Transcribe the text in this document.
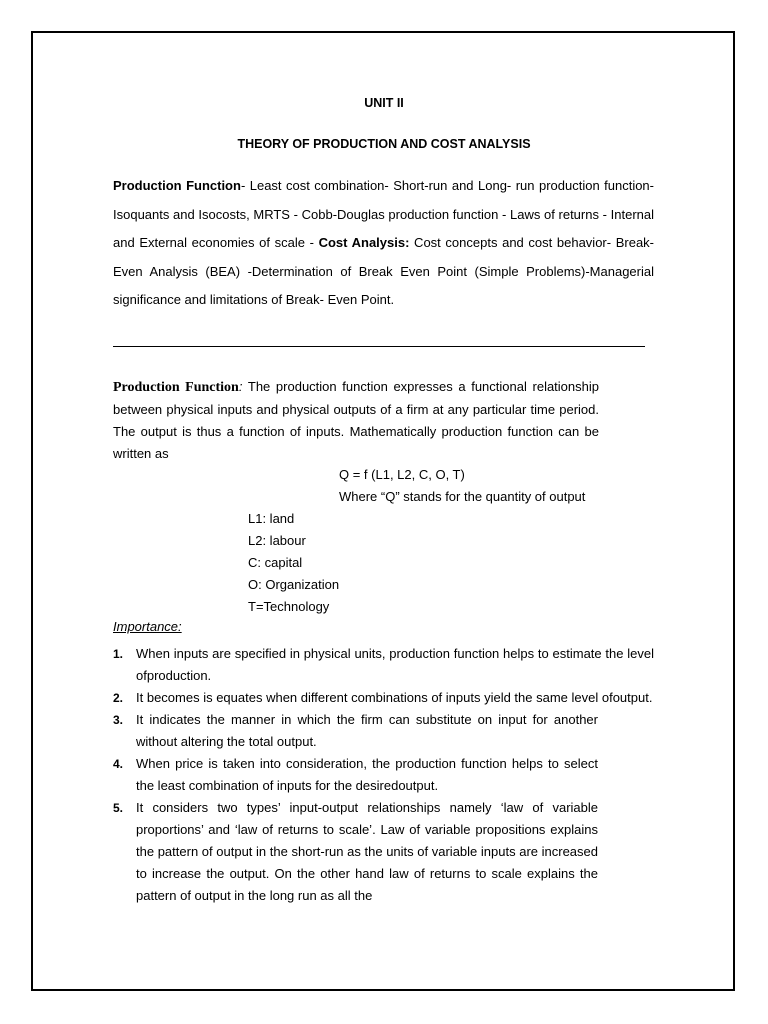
UNIT II
THEORY OF PRODUCTION AND COST ANALYSIS
Production Function- Least cost combination- Short-run and Long- run production function- Isoquants and Isocosts, MRTS - Cobb-Douglas production function - Laws of returns - Internal and External economies of scale - Cost Analysis: Cost concepts and cost behavior- Break-Even Analysis (BEA) -Determination of Break Even Point (Simple Problems)-Managerial significance and limitations of Break- Even Point.
Production Function: The production function expresses a functional relationship between physical inputs and physical outputs of a firm at any particular time period. The output is thus a function of inputs. Mathematically production function can be written as
Q = f (L1, L2, C, O, T)
Where “Q” stands for the quantity of output
L1: land
L2: labour
C: capital
O: Organization
T=Technology
Importance:
1. When inputs are specified in physical units, production function helps to estimate the level ofproduction.
2. It becomes is equates when different combinations of inputs yield the same level ofoutput.
3. It indicates the manner in which the firm can substitute on input for another without altering the total output.
4. When price is taken into consideration, the production function helps to select the least combination of inputs for the desiredoutput.
5. It considers two types’ input-output relationships namely ‘law of variable proportions’ and ‘law of returns to scale’. Law of variable propositions explains the pattern of output in the short-run as the units of variable inputs are increased to increase the output. On the other hand law of returns to scale explains the pattern of output in the long run as all the
